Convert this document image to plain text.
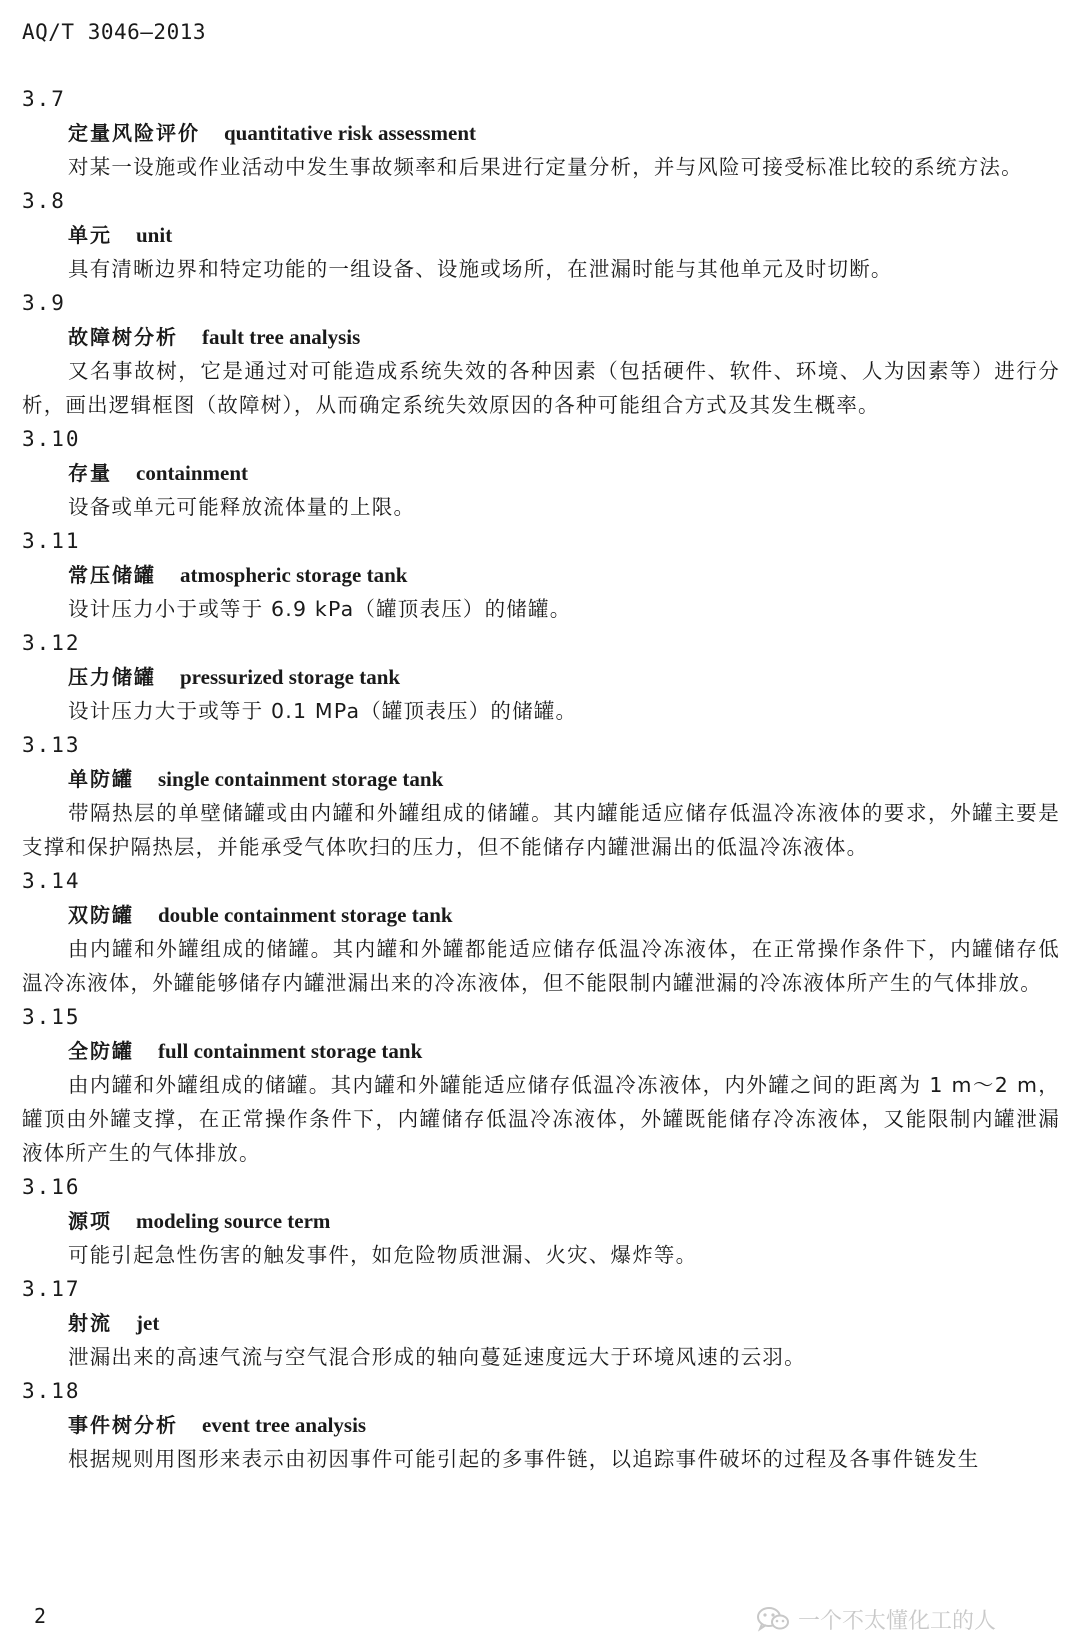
AQ/T 3046—2013
3.7
定量风险评价 quantitative risk assessment
对某一设施或作业活动中发生事故频率和后果进行定量分析，并与风险可接受标准比较的系统方法。
3.8
单元 unit
具有清晰边界和特定功能的一组设备、设施或场所，在泄漏时能与其他单元及时切断。
3.9
故障树分析 fault tree analysis
又名事故树，它是通过对可能造成系统失效的各种因素（包括硬件、软件、环境、人为因素等）进行分析，画出逻辑框图（故障树），从而确定系统失效原因的各种可能组合方式及其发生概率。
3.10
存量 containment
设备或单元可能释放流体量的上限。
3.11
常压储罐 atmospheric storage tank
设计压力小于或等于 6.9 kPa（罐顶表压）的储罐。
3.12
压力储罐 pressurized storage tank
设计压力大于或等于 0.1 MPa（罐顶表压）的储罐。
3.13
单防罐 single containment storage tank
带隔热层的单壁储罐或由内罐和外罐组成的储罐。其内罐能适应储存低温冷冻液体的要求，外罐主要是支撑和保护隔热层，并能承受气体吹扫的压力，但不能储存内罐泄漏出的低温冷冻液体。
3.14
双防罐 double containment storage tank
由内罐和外罐组成的储罐。其内罐和外罐都能适应储存低温冷冻液体，在正常操作条件下，内罐储存低温冷冻液体，外罐能够储存内罐泄漏出来的冷冻液体，但不能限制内罐泄漏的冷冻液体所产生的气体排放。
3.15
全防罐 full containment storage tank
由内罐和外罐组成的储罐。其内罐和外罐能适应储存低温冷冻液体，内外罐之间的距离为 1 m～2 m，罐顶由外罐支撑，在正常操作条件下，内罐储存低温冷冻液体，外罐既能储存冷冻液体，又能限制内罐泄漏液体所产生的气体排放。
3.16
源项 modeling source term
可能引起急性伤害的触发事件，如危险物质泄漏、火灾、爆炸等。
3.17
射流 jet
泄漏出来的高速气流与空气混合形成的轴向蔓延速度远大于环境风速的云羽。
3.18
事件树分析 event tree analysis
根据规则用图形来表示由初因事件可能引起的多事件链，以追踪事件破坏的过程及各事件链发生
2	一个不太懂化工的人
